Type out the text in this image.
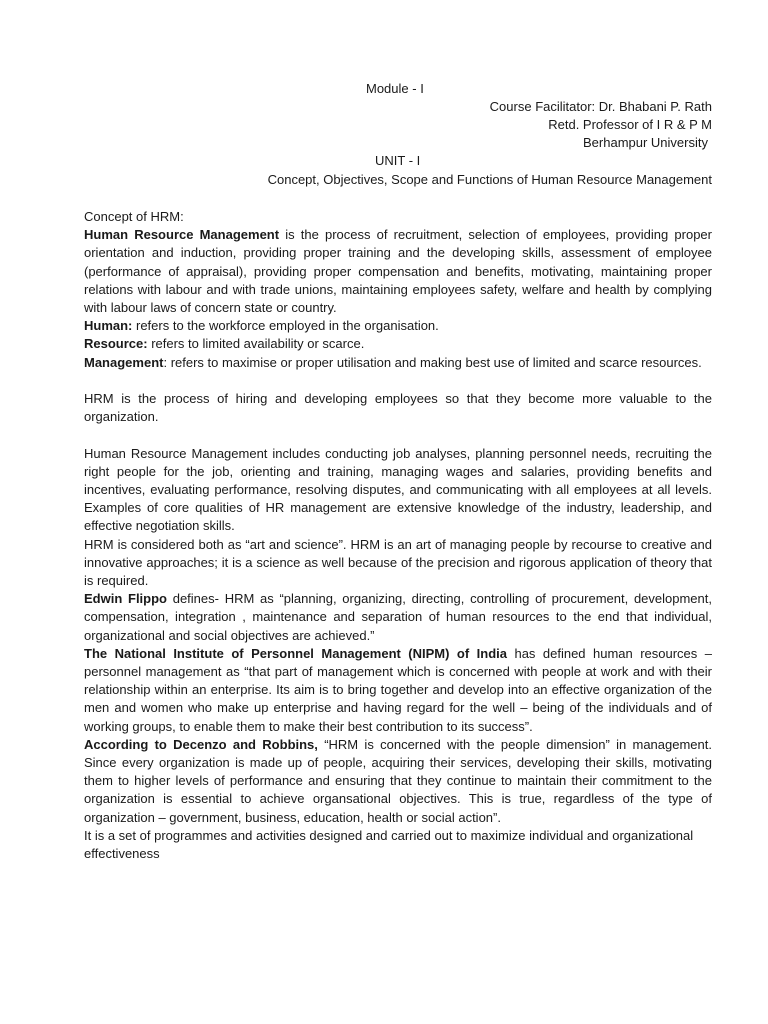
Module - I
Course Facilitator: Dr. Bhabani P. Rath
Retd. Professor of I R & P M
Berhampur University
UNIT - I
Concept, Objectives, Scope and Functions of Human Resource Management

Concept of HRM:

Human Resource Management is the process of recruitment, selection of employees, providing proper orientation and induction, providing proper training and the developing skills, assessment of employee (performance of appraisal), providing proper compensation and benefits, motivating, maintaining proper relations with labour and with trade unions, maintaining employees safety, welfare and health by complying with labour laws of concern state or country.

Human: refers to the workforce employed in the organisation.

Resource: refers to limited availability or scarce.

Management: refers to maximise or proper utilisation and making best use of limited and scarce resources.

HRM is the process of hiring and developing employees so that they become more valuable to the organization.

Human Resource Management includes conducting job analyses, planning personnel needs, recruiting the right people for the job, orienting and training, managing wages and salaries, providing benefits and incentives, evaluating performance, resolving disputes, and communicating with all employees at all levels. Examples of core qualities of HR management are extensive knowledge of the industry, leadership, and effective negotiation skills.

HRM is considered both as “art and science”. HRM is an art of managing people by recourse to creative and innovative approaches; it is a science as well because of the precision and rigorous application of theory that is required.

Edwin Flippo defines- HRM as “planning, organizing, directing, controlling of procurement, development, compensation, integration , maintenance and separation of human resources to the end that individual, organizational and social objectives are achieved.”

The National Institute of Personnel Management (NIPM) of India has defined human resources – personnel management as “that part of management which is concerned with people at work and with their relationship within an enterprise. Its aim is to bring together and develop into an effective organization of the men and women who make up enterprise and having regard for the well – being of the individuals and of working groups, to enable them to make their best contribution to its success”.

According to Decenzo and Robbins, “HRM is concerned with the people dimension” in management. Since every organization is made up of people, acquiring their services, developing their skills, motivating them to higher levels of performance and ensuring that they continue to maintain their commitment to the organization is essential to achieve organsational objectives. This is true, regardless of the type of organization – government, business, education, health or social action”.

It is a set of programmes and activities designed and carried out to maximize individual and organizational effectiveness
